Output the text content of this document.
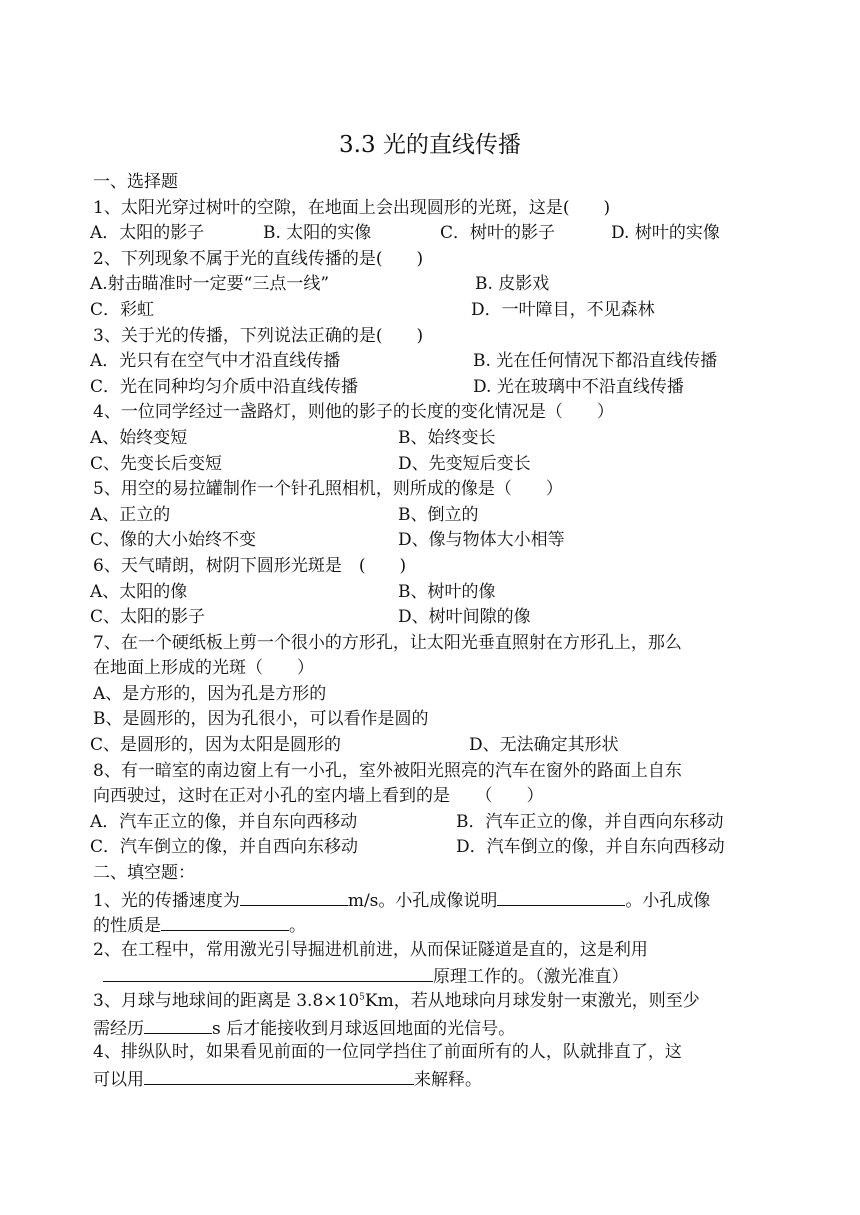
3.3 光的直线传播
一、选择题
1、太阳光穿过树叶的空隙，在地面上会出现圆形的光斑，这是(　　)
A．太阳的影子	B. 太阳的实像	C．树叶的影子	D. 树叶的实像
2、下列现象不属于光的直线传播的是(　　)
A.射击瞄准时一定要“三点一线”	B. 皮影戏
C．彩虹	D．一叶障目，不见森林
3、关于光的传播，下列说法正确的是(　　)
A．光只有在空气中才沿直线传播	B. 光在任何情况下都沿直线传播
C．光在同种均匀介质中沿直线传播	D. 光在玻璃中不沿直线传播
4、一位同学经过一盏路灯，则他的影子的长度的变化情况是（　　）
A、始终变短	B、始终变长
C、先变长后变短	D、先变短后变长
5、用空的易拉罐制作一个针孔照相机，则所成的像是（　　）
A、正立的	B、倒立的
C、像的大小始终不变	D、像与物体大小相等
6、天气晴朗，树阴下圆形光斑是　(　　)
A、太阳的像	B、树叶的像
C、太阳的影子	D、树叶间隙的像
7、在一个硬纸板上剪一个很小的方形孔，让太阳光垂直照射在方形孔上，那么
在地面上形成的光斑（　　）
A、是方形的，因为孔是方形的
B、是圆形的，因为孔很小，可以看作是圆的
C、是圆形的，因为太阳是圆形的	D、无法确定其形状
8、有一暗室的南边窗上有一小孔，室外被阳光照亮的汽车在窗外的路面上自东
向西驶过，这时在正对小孔的室内墙上看到的是　　（　　）
A．汽车正立的像，并自东向西移动	B．汽车正立的像，并自西向东移动
C．汽车倒立的像，并自西向东移动	D．汽车倒立的像，并自东向西移动
二、填空题：
1、光的传播速度为	m/s。小孔成像说明	。小孔成像
的性质是	。
2、在工程中，常用激光引导掘进机前进，从而保证隧道是直的，这是利用
原理工作的。（激光准直）
3、月球与地球间的距离是 $3.8\times 10^5Km$，若从地球向月球发射一束激光，则至少
需经历	s 后才能接收到月球返回地面的光信号。
4、排纵队时，如果看见前面的一位同学挡住了前面所有的人，队就排直了，这
可以用	来解释。
